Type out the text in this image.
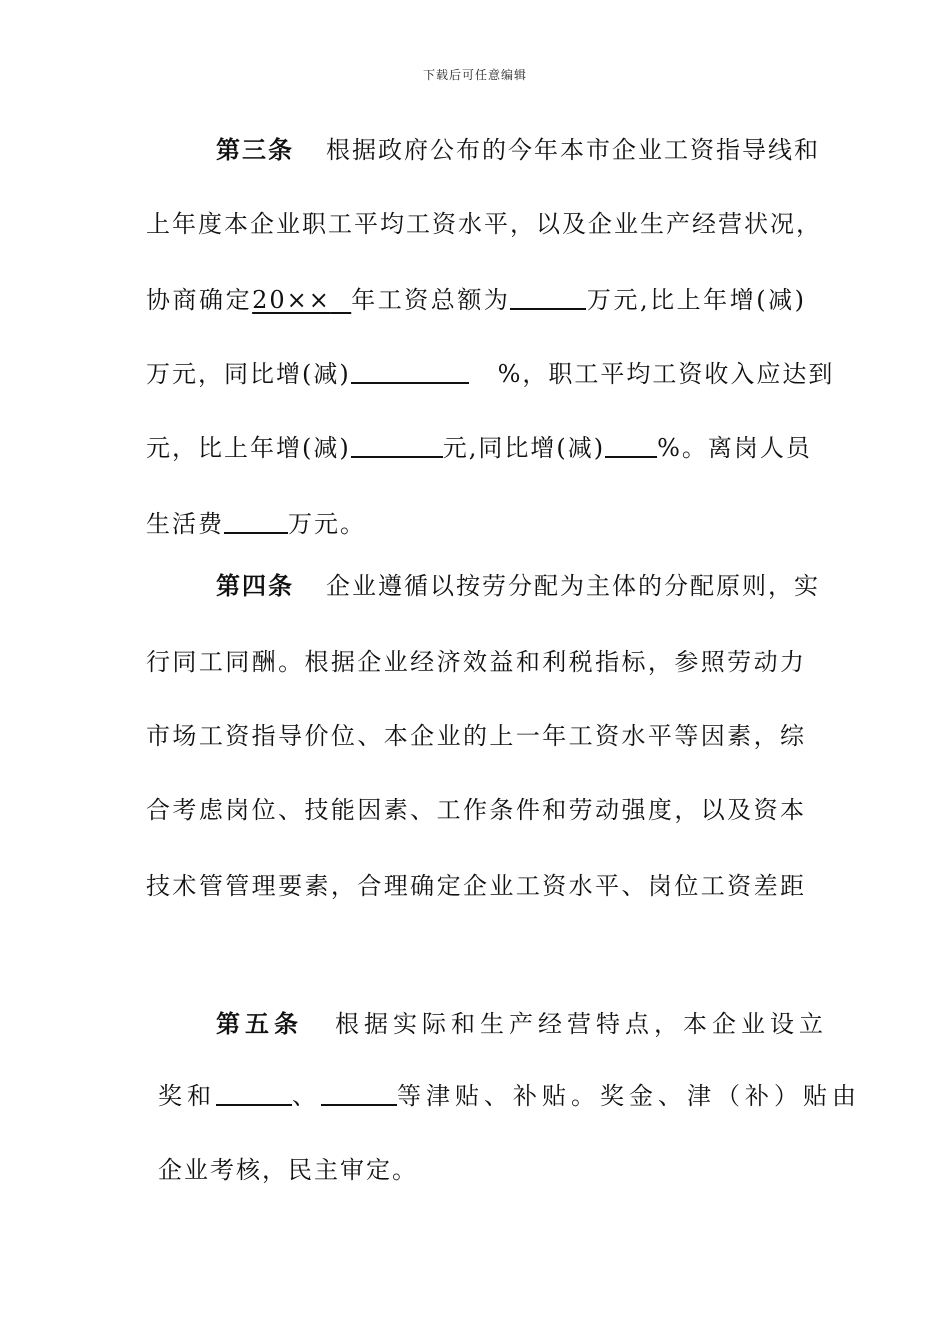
下载后可任意编辑
第三条 根据政府公布的今年本市企业工资指导线和
上年度本企业职工平均工资水平，以及企业生产经营状况，
协商确定20×× 年工资总额为	万元,比上年增(减)
万元，同比增(减)	%，职工平均工资收入应达到
元，比上年增(减)	元,同比增(减) %。离岗人员
生活费	万元。
第四条 企业遵循以按劳分配为主体的分配原则，实
行同工同酬。根据企业经济效益和利税指标，参照劳动力
市场工资指导价位、本企业的上一年工资水平等因素，综
合考虑岗位、技能因素、工作条件和劳动强度，以及资本
技术管管理要素，合理确定企业工资水平、岗位工资差距
第五条 根据实际和生产经营特点，本企业设立
奖和	、	等津贴、补贴。奖金、津（补）贴由
企业考核，民主审定。
